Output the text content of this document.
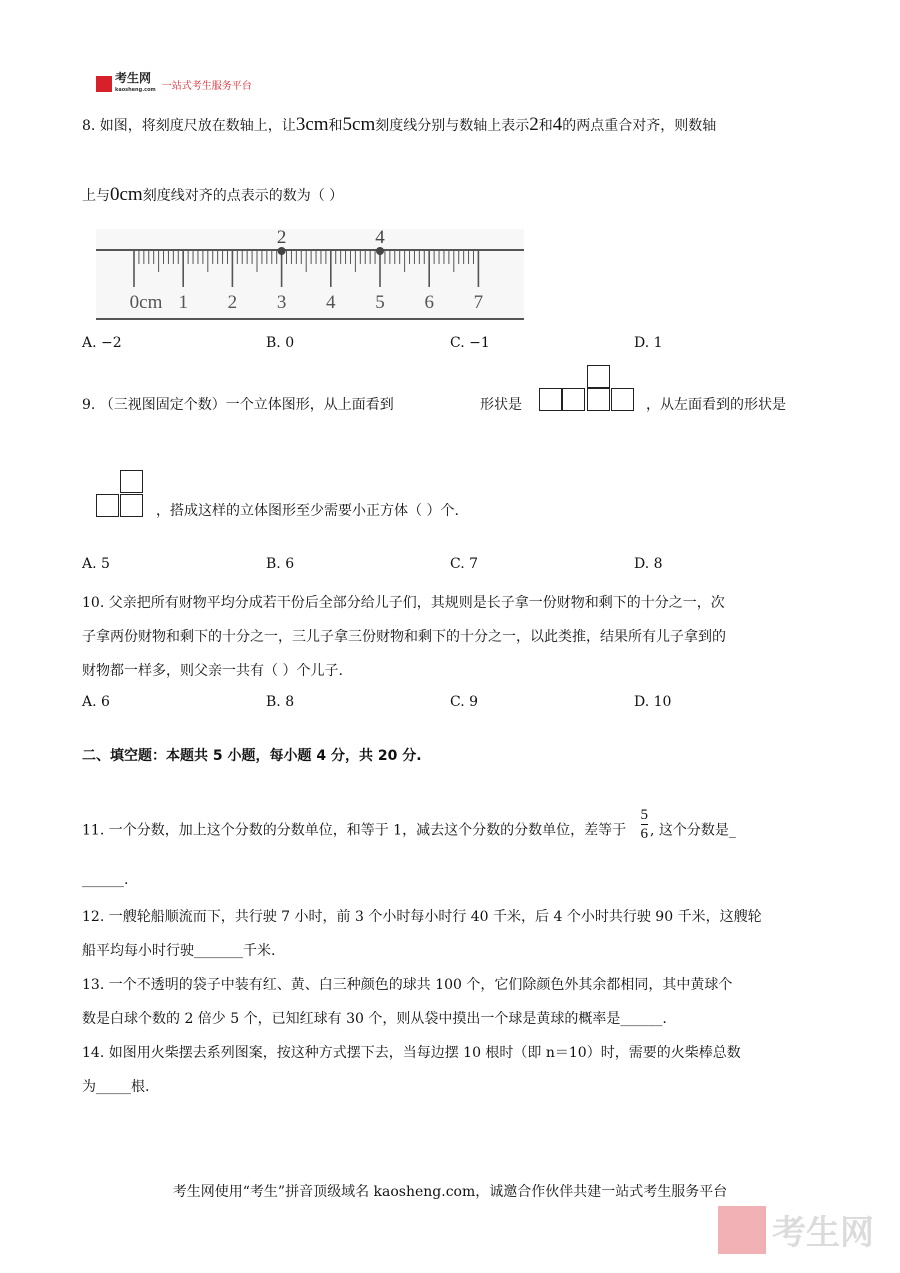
考生网
kaosheng.com 一站式考生服务平台
8. 如图，将刻度尺放在数轴上，让3cm和5cm刻度线分别与数轴上表示2和4的两点重合对齐，则数轴
上与0cm刻度线对齐的点表示的数为（ ）
0cm 1 2 3 4 5 6 7
2	4
A. −2	B. 0	C. −1	D. 1
9. （三视图固定个数）一个立体图形，从上面看到	形状是	，从左面看到的形状是
，搭成这样的立体图形至少需要小正方体（ ）个.
A. 5	B. 6	C. 7	D. 8
10. 父亲把所有财物平均分成若干份后全部分给儿子们，其规则是长子拿一份财物和剩下的十分之一，次
子拿两份财物和剩下的十分之一，三儿子拿三份财物和剩下的十分之一，以此类推，结果所有儿子拿到的
财物都一样多，则父亲一共有（ ）个儿子.
A. 6	B. 8	C. 9	D. 10
二、填空题：本题共 5 小题，每小题 4 分，共 20 分.
11. 一个分数，加上这个分数的分数单位，和等于 1，减去这个分数的分数单位，差等于 $\frac{5}{6}$ , 这个分数是_
______.
12. 一艘轮船顺流而下，共行驶 7 小时，前 3 个小时每小时行 40 千米，后 4 个小时共行驶 90 千米，这艘轮
船平均每小时行驶_______千米.
13. 一个不透明的袋子中装有红、黄、白三种颜色的球共 100 个，它们除颜色外其余都相同，其中黄球个
数是白球个数的 2 倍少 5 个，已知红球有 30 个，则从袋中摸出一个球是黄球的概率是______.
14. 如图用火柴摆去系列图案，按这种方式摆下去，当每边摆 10 根时（即 n＝10）时，需要的火柴棒总数
为_____根.
考生网使用“考生”拼音顶级域名 kaosheng.com，诚邀合作伙伴共建一站式考生服务平台
考生网
